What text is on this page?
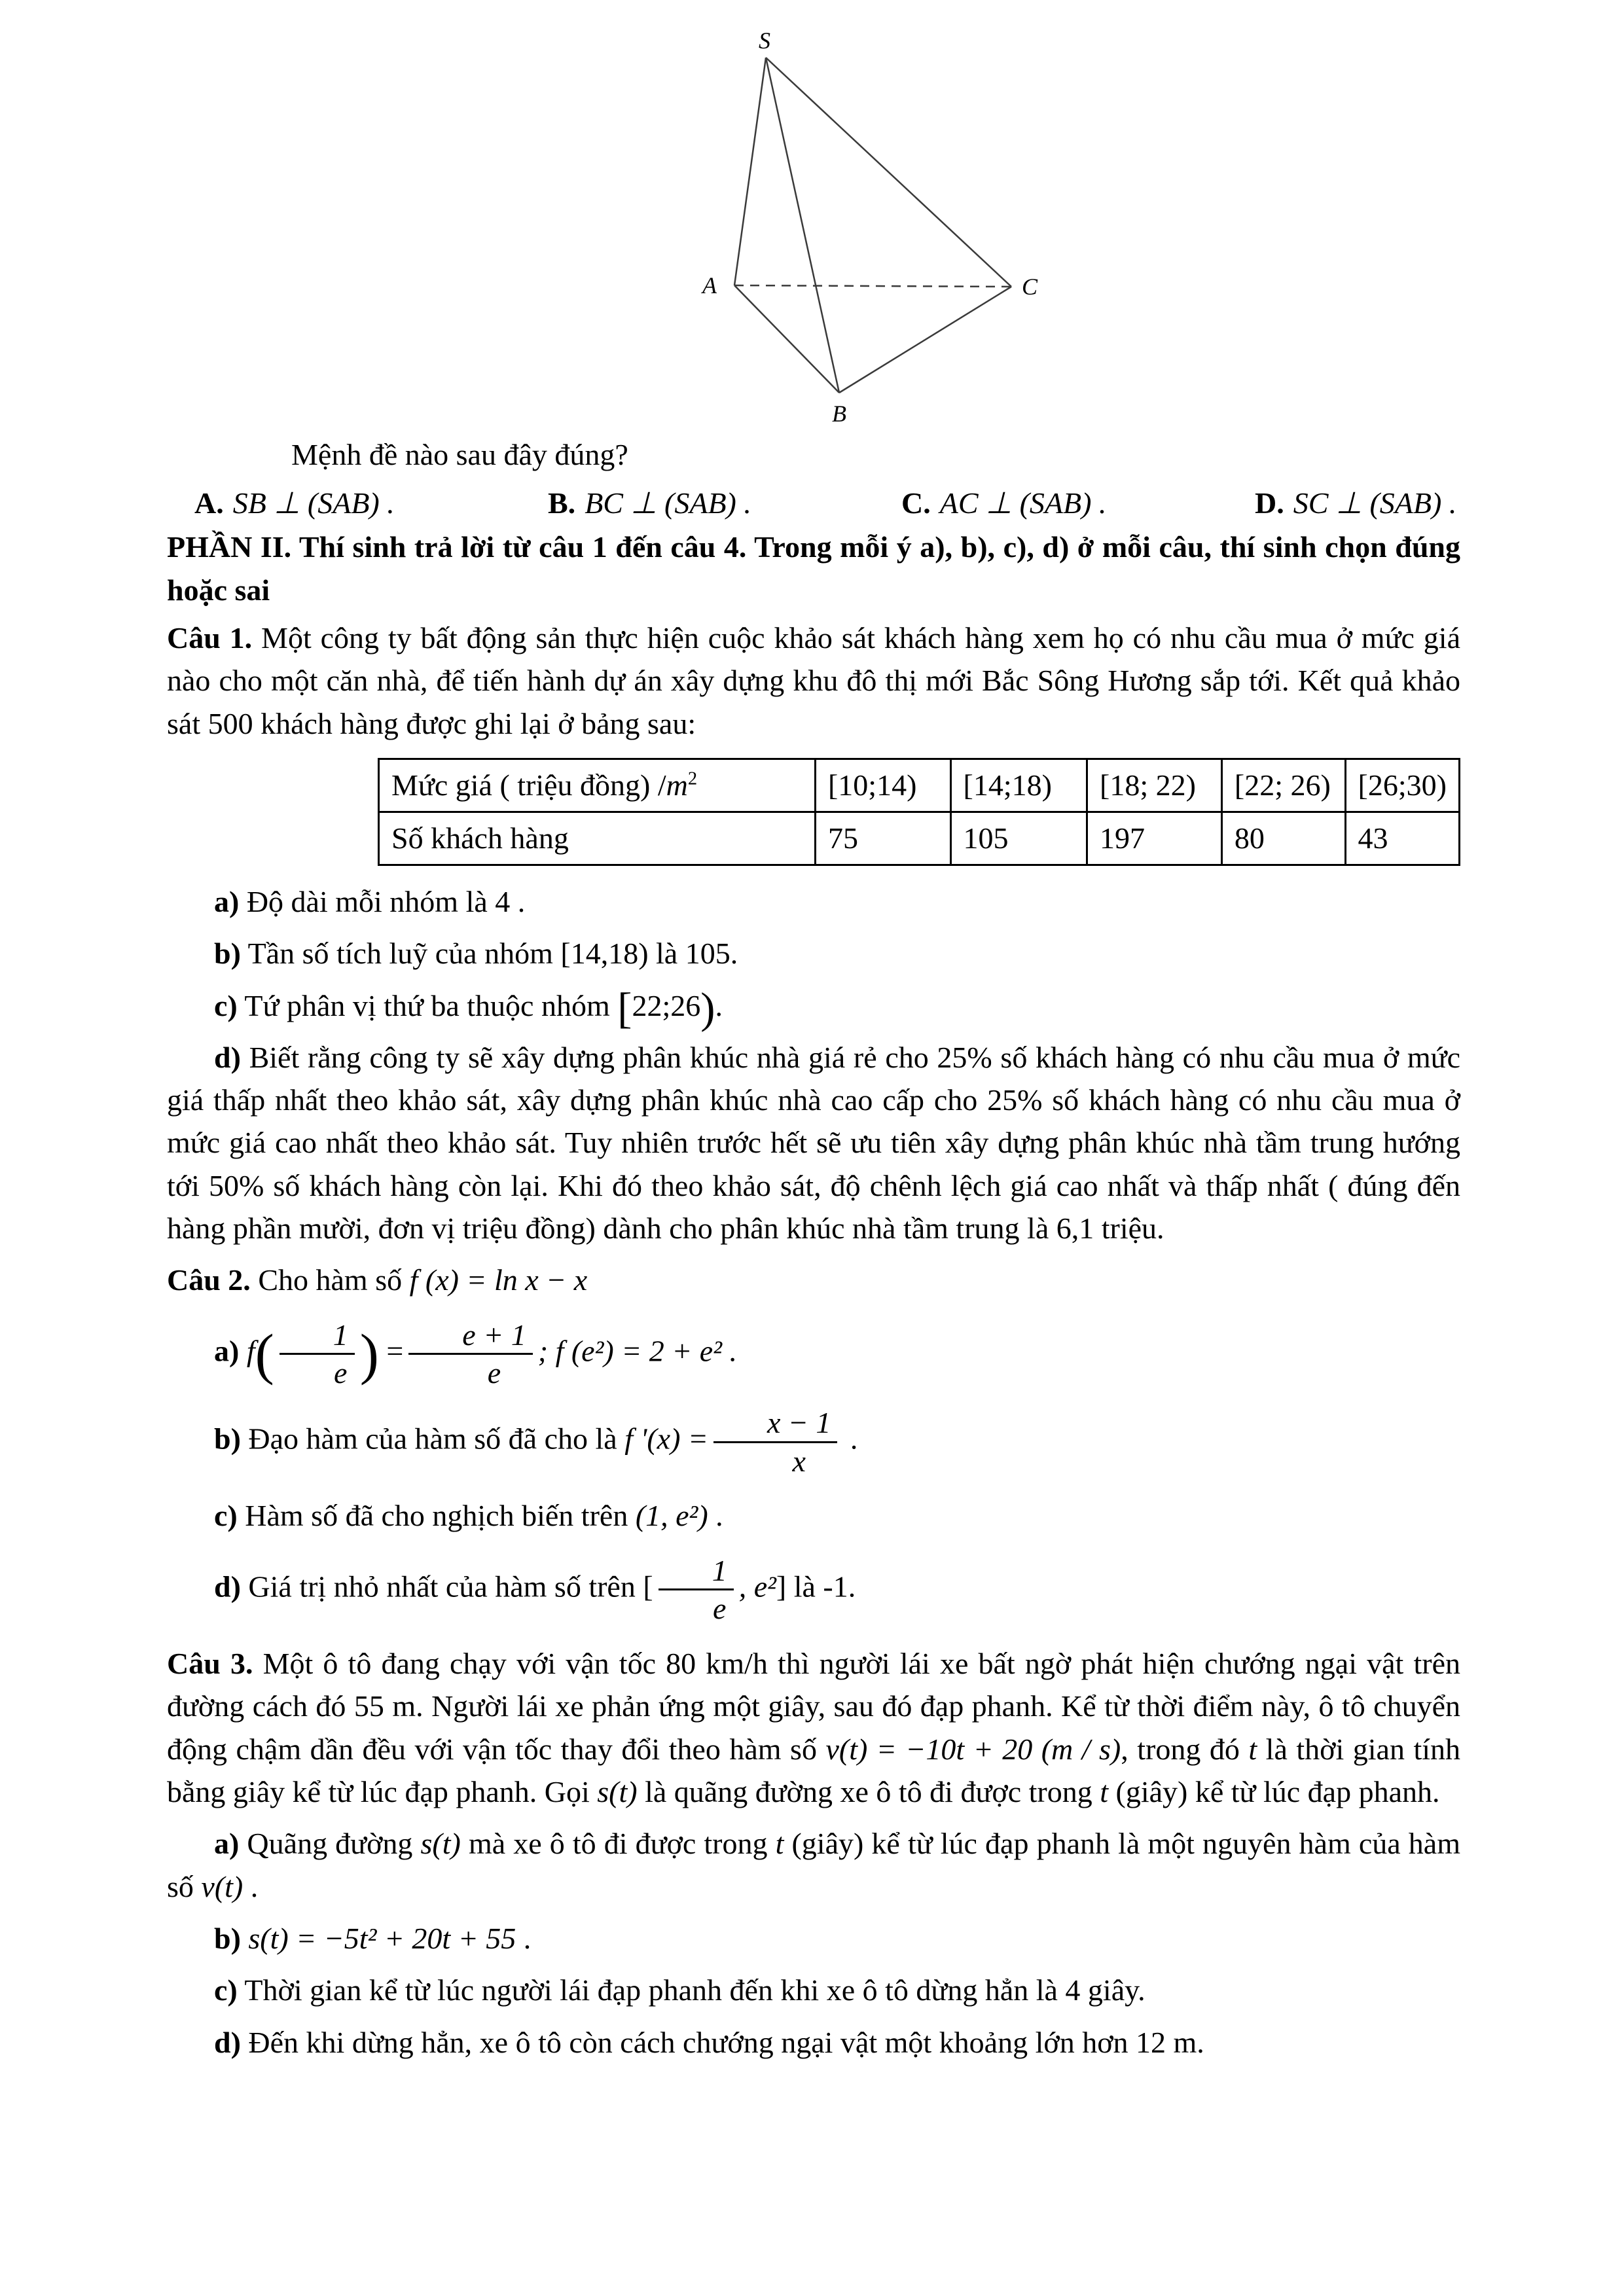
S
A
B
C

Mệnh đề nào sau đây đúng?

A. SB ⊥ (SAB) .	B. BC ⊥ (SAB) .	C. AC ⊥ (SAB) .	D. SC ⊥ (SAB) .

PHẦN II. Thí sinh trả lời từ câu 1 đến câu 4. Trong mỗi ý a), b), c), d) ở mỗi câu, thí sinh chọn đúng hoặc sai

Câu 1. Một công ty bất động sản thực hiện cuộc khảo sát khách hàng xem họ có nhu cầu mua ở mức giá nào cho một căn nhà, để tiến hành dự án xây dựng khu đô thị mới Bắc Sông Hương sắp tới. Kết quả khảo sát 500 khách hàng được ghi lại ở bảng sau:

Mức giá ( triệu đồng) $/m^2$	[10;14)	[14;18)	[18; 22)	[22; 26)	[26;30)
Số khách hàng	75	105	197	80	43

a) Độ dài mỗi nhóm là 4 .

b) Tần số tích luỹ của nhóm [14,18) là 105.

c) Tứ phân vị thứ ba thuộc nhóm [22;26).

d) Biết rằng công ty sẽ xây dựng phân khúc nhà giá rẻ cho 25% số khách hàng có nhu cầu mua ở mức giá thấp nhất theo khảo sát, xây dựng phân khúc nhà cao cấp cho 25% số khách hàng có nhu cầu mua ở mức giá cao nhất theo khảo sát. Tuy nhiên trước hết sẽ ưu tiên xây dựng phân khúc nhà tầm trung hướng tới 50% số khách hàng còn lại. Khi đó theo khảo sát, độ chênh lệch giá cao nhất và thấp nhất ( đúng đến hàng phần mười, đơn vị triệu đồng) dành cho phân khúc nhà tầm trung là 6,1 triệu.

Câu 2. Cho hàm số f (x) = ln x − x

a) $f( \frac{1}{e}$ ) = $\frac{e + 1}{e}$ ; f (e²) = 2 + e² .

b) Đạo hàm của hàm số đã cho là f '$(x) = \frac{x - 1}{x}$ .

c) Hàm số đã cho nghịch biến trên (1, e²) .

d) Giá trị nhỏ nhất của hàm số trên [ $\frac{1}{e}$ , e²] là -1.

Câu 3. Một ô tô đang chạy với vận tốc 80 km/h thì người lái xe bất ngờ phát hiện chướng ngại vật trên đường cách đó 55 m. Người lái xe phản ứng một giây, sau đó đạp phanh. Kể từ thời điểm này, ô tô chuyển động chậm dần đều với vận tốc thay đổi theo hàm số v(t) = −10t + 20 (m / s), trong đó t là thời gian tính bằng giây kể từ lúc đạp phanh. Gọi s(t) là quãng đường xe ô tô đi được trong t (giây) kể từ lúc đạp phanh.

a) Quãng đường s(t) mà xe ô tô đi được trong t (giây) kể từ lúc đạp phanh là một nguyên hàm của hàm số v(t) .

b) s(t) = −5t² + 20t + 55 .

c) Thời gian kể từ lúc người lái đạp phanh đến khi xe ô tô dừng hẳn là 4 giây.

d) Đến khi dừng hẳn, xe ô tô còn cách chướng ngại vật một khoảng lớn hơn 12 m.
